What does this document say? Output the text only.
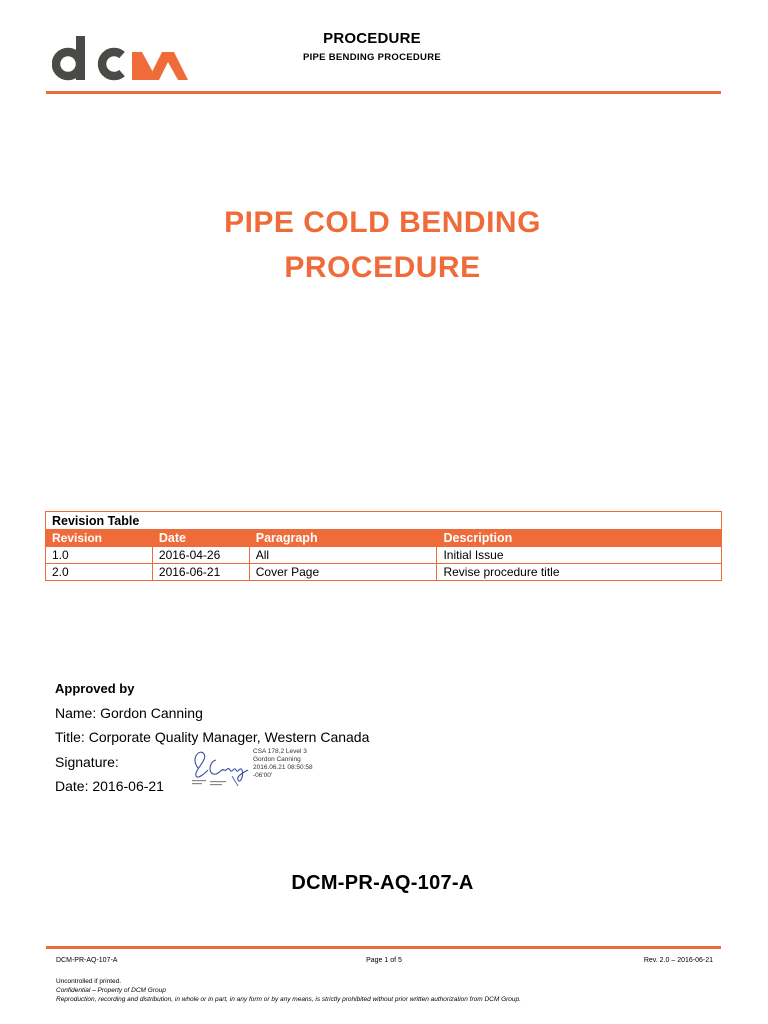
PROCEDURE
PIPE BENDING PROCEDURE
PIPE COLD BENDING
PROCEDURE
Revision Table			
Revision	Date	Paragraph	Description
1.0	2016-04-26	All	Initial Issue
2.0	2016-06-21	Cover Page	Revise procedure title
Approved by
Name: Gordon Canning
Title: Corporate Quality Manager, Western Canada
Signature:
Date: 2016-06-21
CSA 178.2 Level 3
Gordon Canning
2016.06.21 08:50:58
-06'00'
DCM-PR-AQ-107-A
DCM-PR-AQ-107-A	Page 1 of 5	Rev. 2.0 – 2016-06-21
Uncontrolled if printed.
Confidential – Property of DCM Group
Reproduction, recording and distribution, in whole or in part, in any form or by any means, is strictly prohibited without prior written authorization from DCM Group.
